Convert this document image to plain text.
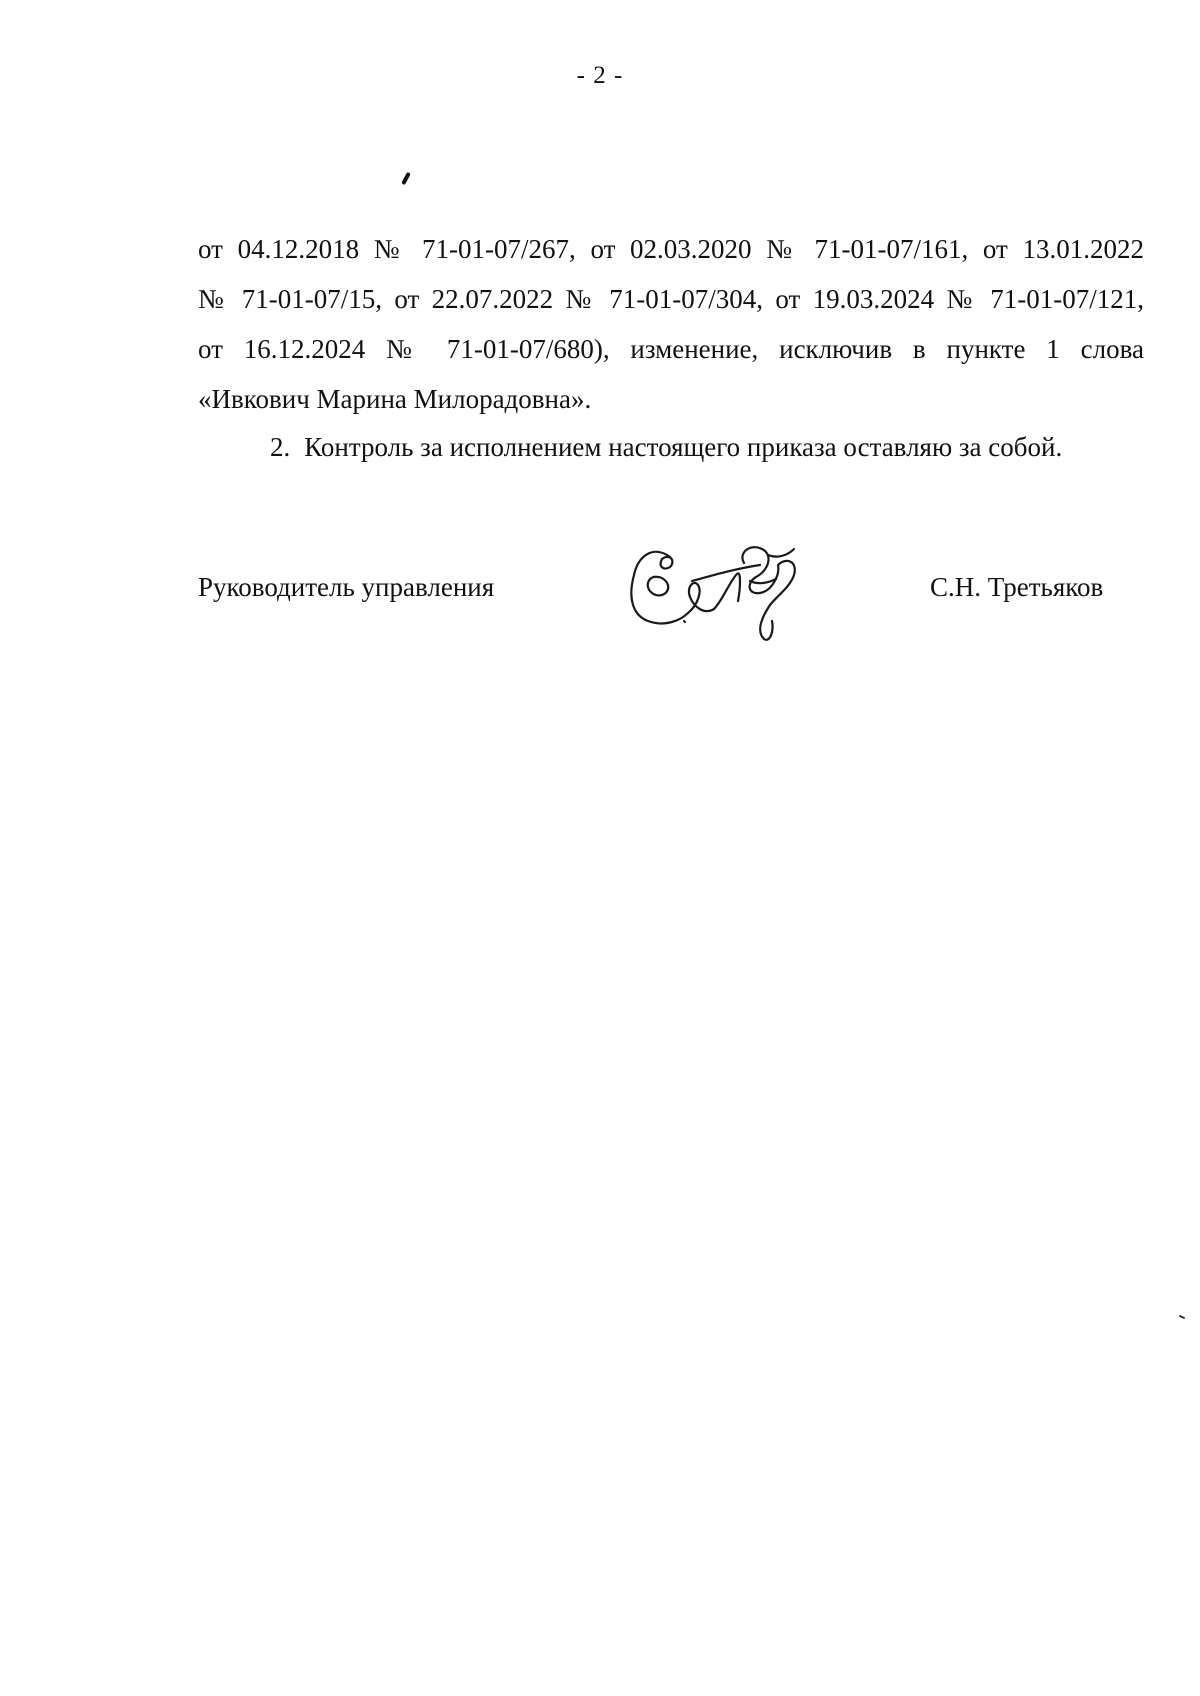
- 2 -
от 04.12.2018 № 71-01-07/267, от 02.03.2020 № 71-01-07/161, от 13.01.2022
№ 71-01-07/15, от 22.07.2022 № 71-01-07/304, от 19.03.2024 № 71-01-07/121,
от 16.12.2024 № 71-01-07/680), изменение, исключив в пункте 1 слова
«Ивкович Марина Милорадовна».
2. Контроль за исполнением настоящего приказа оставляю за собой.
Руководитель управления	С.Н. Третьяков
